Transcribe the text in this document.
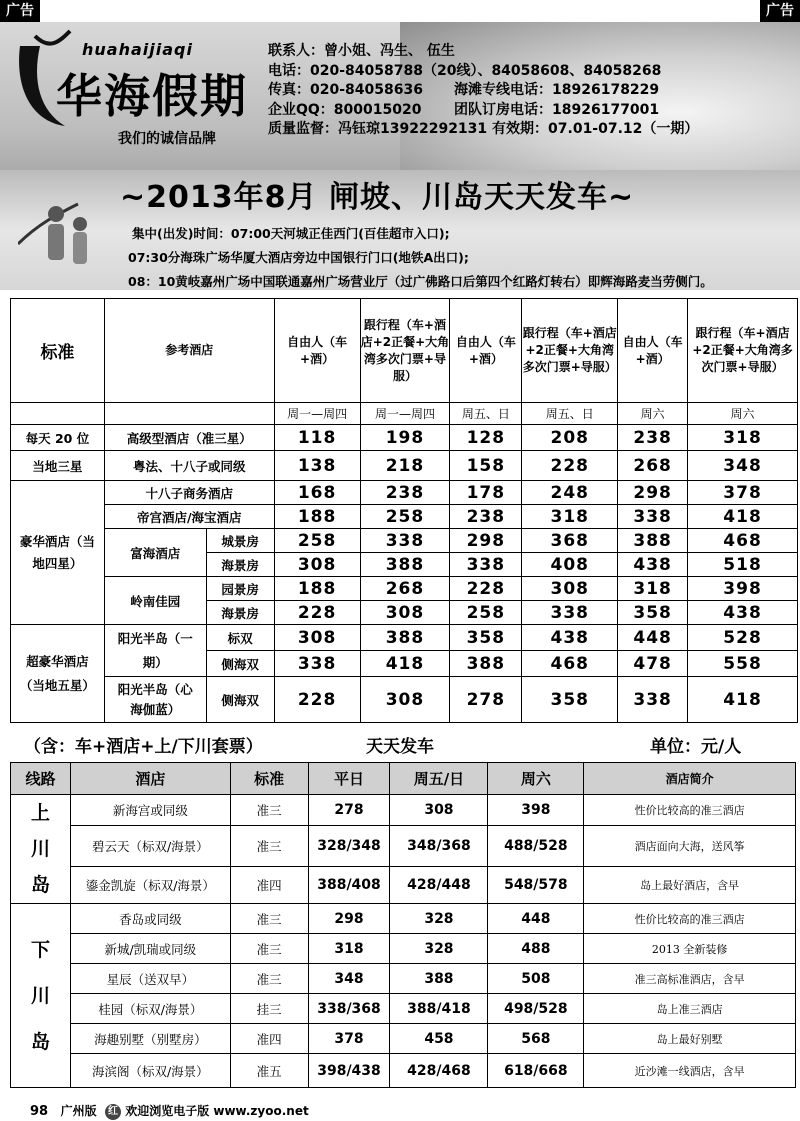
广告	广告
huahaijiaqi
华海假期
我们的诚信品牌
联系人：曾小姐、冯生、 伍生
电话：020-84058788（20线）、84058608、84058268
传真：020-84058636 海滩专线电话：18926178229
企业QQ：800015020 团队订房电话：18926177001
质量监督：冯钰琼13922292131 有效期：07.01-07.12（一期）
~2013年8月 闸坡、川岛天天发车~
集中(出发)时间：07:00天河城正佳西门(百佳超市入口);
07:30分海珠广场华厦大酒店旁边中国银行门口(地铁A出口);
08：10黄岐嘉州广场中国联通嘉州广场营业厅（过广佛路口后第四个红路灯转右）即辉海路麦当劳侧门。
标准	参考酒店		自由人（车+酒）	跟行程（车+酒店+2正餐+大角湾多次门票+导服）	自由人（车+酒）	跟行程（车+酒店+2正餐+大角湾多次门票+导服）	自由人（车+酒）	跟行程（车+酒店+2正餐+大角湾多次门票+导服）
			周一—周四	周一—周四	周五、日	周五、日	周六	周六
每天 20 位	高级型酒店（准三星）		118	198	128	208	238	318
当地三星	粤法、十八子或同级		138	218	158	228	268	348
豪华酒店（当地四星）	十八子商务酒店		168	238	178	248	298	378
	帝宫酒店/海宝酒店		188	258	238	318	338	418
	富海酒店	城景房	258	338	298	368	388	468
		海景房	308	388	338	408	438	518
	岭南佳园	园景房	188	268	228	308	318	398
		海景房	228	308	258	338	358	438
超豪华酒店（当地五星）	阳光半岛（一期）	标双	308	388	358	438	448	528
		侧海双	338	418	388	468	478	558
	阳光半岛（心海伽蓝）	侧海双	228	308	278	358	338	418
（含：车+酒店+上/下川套票）	天天发车	单位：元/人
线路	酒店	标准	平日	周五/日	周六	酒店简介
上川岛	新海宫或同级	准三	278	308	398	性价比较高的准三酒店
	碧云天（标双/海景）	准三	328/348	348/368	488/528	酒店面向大海，送风筝
	鎏金凯旋（标双/海景）	准四	388/408	428/448	548/578	岛上最好酒店，含早
下川岛	香岛或同级	准三	298	328	448	性价比较高的准三酒店
	新城/凯瑞或同级	准三	318	328	488	2013 全新装修
	星辰（送双早）	准三	348	388	508	准三高标准酒店，含早
	桂园（标双/海景）	挂三	338/368	388/418	498/528	岛上准三酒店
	海趣别墅（别墅房）	准四	378	458	568	岛上最好别墅
	海滨阁（标双/海景）	准五	398/438	428/468	618/668	近沙滩一线酒店，含早
98 广州版 红 欢迎浏览电子版 www.zyoo.net
